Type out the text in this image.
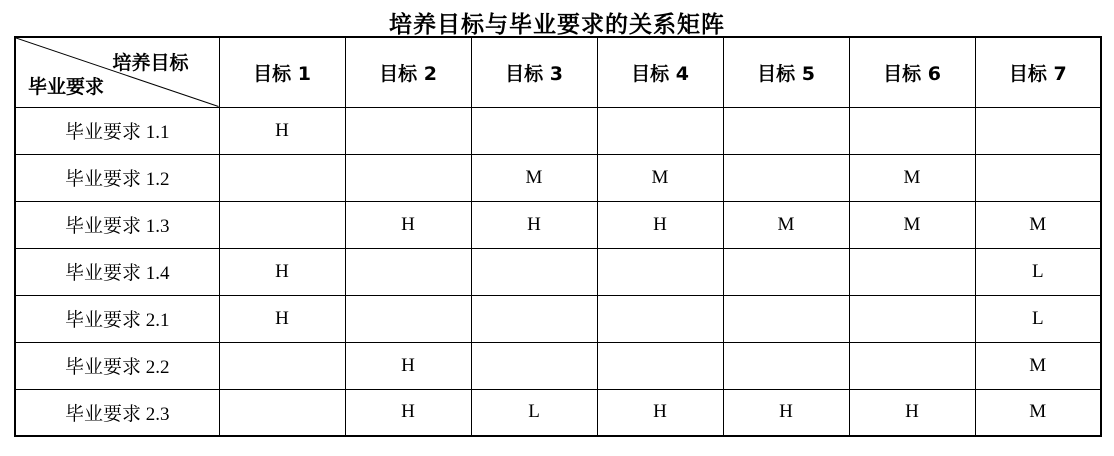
培养目标与毕业要求的关系矩阵
培养目标
毕业要求	目标 1	目标 2	目标 3	目标 4	目标 5	目标 6	目标 7
毕业要求 1.1	H						
毕业要求 1.2			M	M		M	
毕业要求 1.3		H	H	H	M	M	M
毕业要求 1.4	H						L
毕业要求 2.1	H						L
毕业要求 2.2		H					M
毕业要求 2.3		H	L	H	H	H	M
